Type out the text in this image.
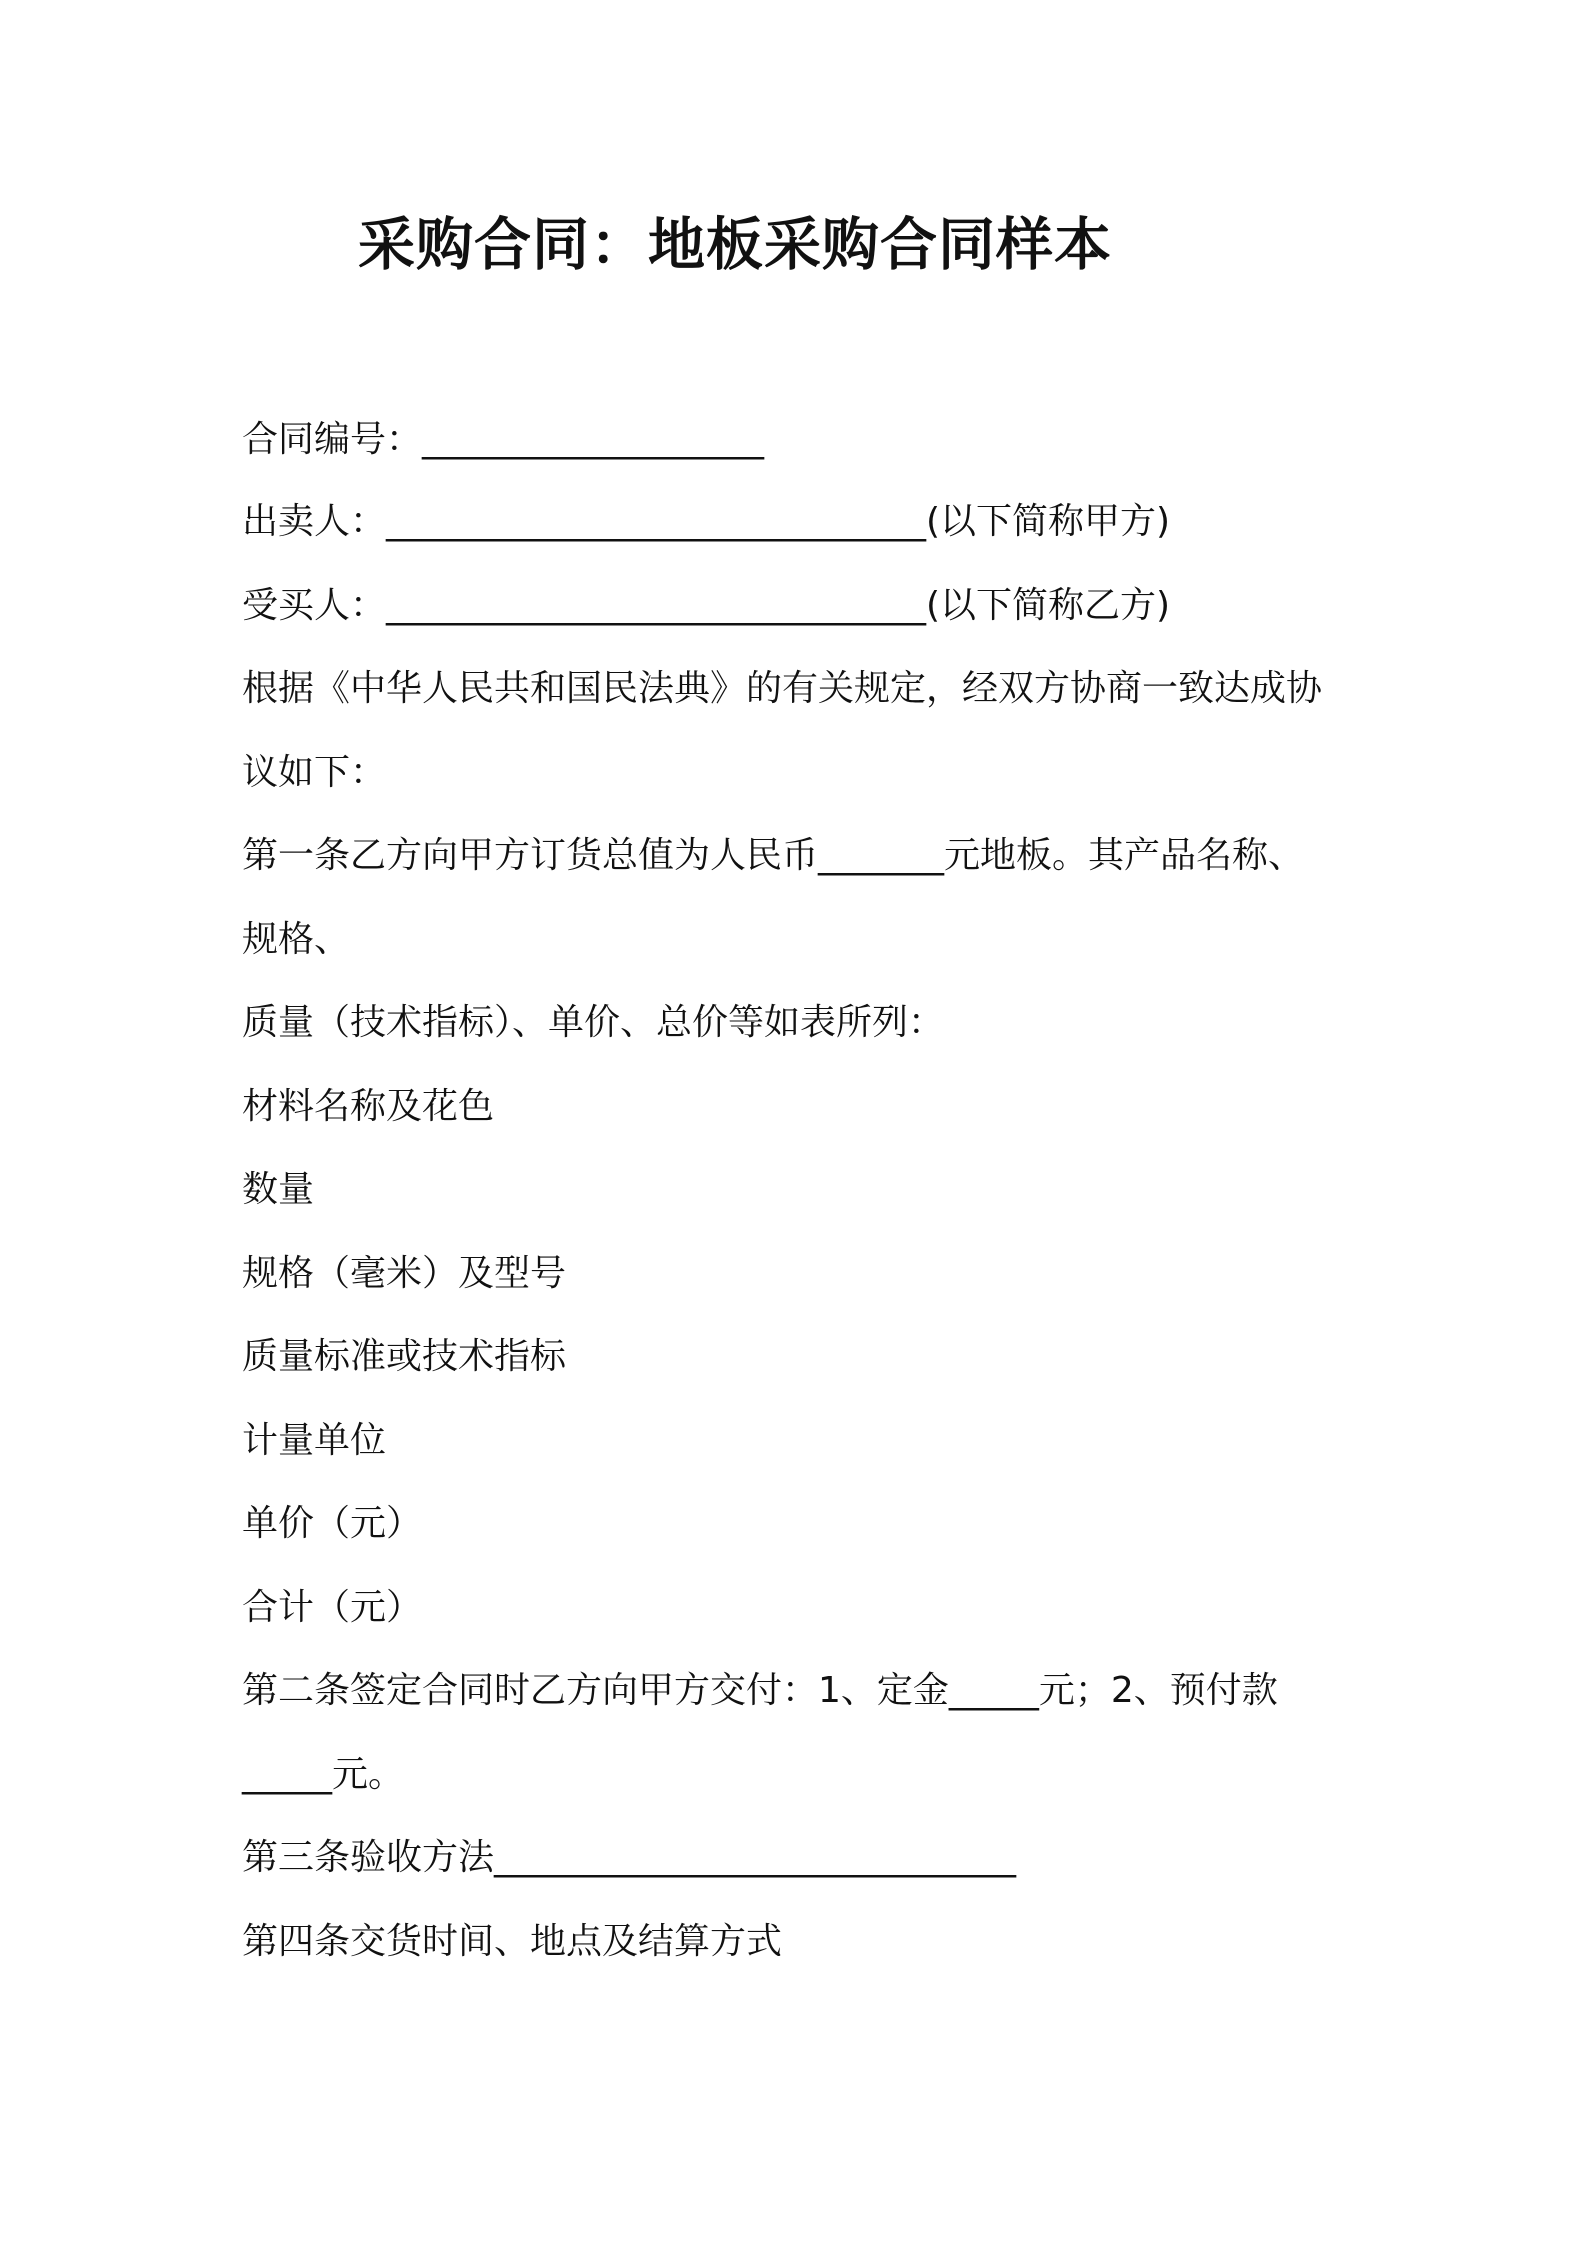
采购合同：地板采购合同样本
合同编号：___________________
出卖人：______________________________(以下简称甲方)
受买人：______________________________(以下简称乙方)
根据《中华人民共和国民法典》的有关规定，经双方协商一致达成协
议如下：
第一条乙方向甲方订货总值为人民币_______元地板。其产品名称、
规格、
质量（技术指标）、单价、总价等如表所列：
材料名称及花色
数量
规格（毫米）及型号
质量标准或技术指标
计量单位
单价（元）
合计（元）
第二条签定合同时乙方向甲方交付：1、定金_____元；2、预付款
_____元。
第三条验收方法_____________________________
第四条交货时间、地点及结算方式
